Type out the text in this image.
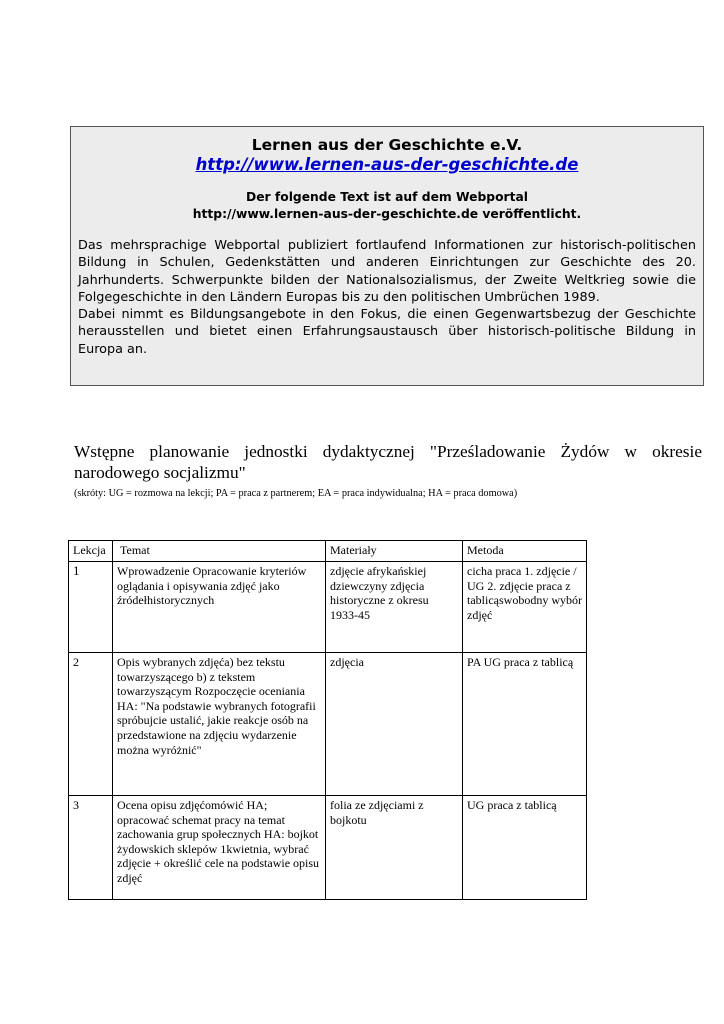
Lernen aus der Geschichte e.V.
http://www.lernen-aus-der-geschichte.de
Der folgende Text ist auf dem Webportal
http://www.lernen-aus-der-geschichte.de veröffentlicht.

Das mehrsprachige Webportal publiziert fortlaufend Informationen zur historisch-politischen Bildung in Schulen, Gedenkstätten und anderen Einrichtungen zur Geschichte des 20. Jahrhunderts. Schwerpunkte bilden der Nationalsozialismus, der Zweite Weltkrieg sowie die Folgegeschichte in den Ländern Europas bis zu den politischen Umbrüchen 1989.

Dabei nimmt es Bildungsangebote in den Fokus, die einen Gegenwartsbezug der Geschichte herausstellen und bietet einen Erfahrungsaustausch über historisch-politische Bildung in Europa an.

Wstępne planowanie jednostki dydaktycznej "Prześladowanie Żydów w okresie narodowego socjalizmu"
(skróty: UG = rozmowa na lekcji; PA = praca z partnerem; EA = praca indywidualna; HA = praca domowa)
Lekcja	Temat	Materiały	Metoda
1	Wprowadzenie Opracowanie kryteriów oglądania i opisywania zdjęć jako źródełhistorycznych	zdjęcie afrykańskiej dziewczyny zdjęcia historyczne z okresu 1933-45	cicha praca 1. zdjęcie / UG 2. zdjęcie praca z tablicąswobodny wybór zdjęć
2	Opis wybranych zdjęća) bez tekstu towarzyszącego b) z tekstem towarzyszącym Rozpoczęcie oceniania HA: "Na podstawie wybranych fotografii spróbujcie ustalić, jakie reakcje osób na przedstawione na zdjęciu wydarzenie można wyróżnić"	zdjęcia	PA UG praca z tablicą
3	Ocena opisu zdjęćomówić HA; opracować schemat pracy na temat zachowania grup społecznych HA: bojkot żydowskich sklepów 1kwietnia, wybrać zdjęcie + określić cele na podstawie opisu zdjęć	folia ze zdjęciami z bojkotu	UG praca z tablicą
